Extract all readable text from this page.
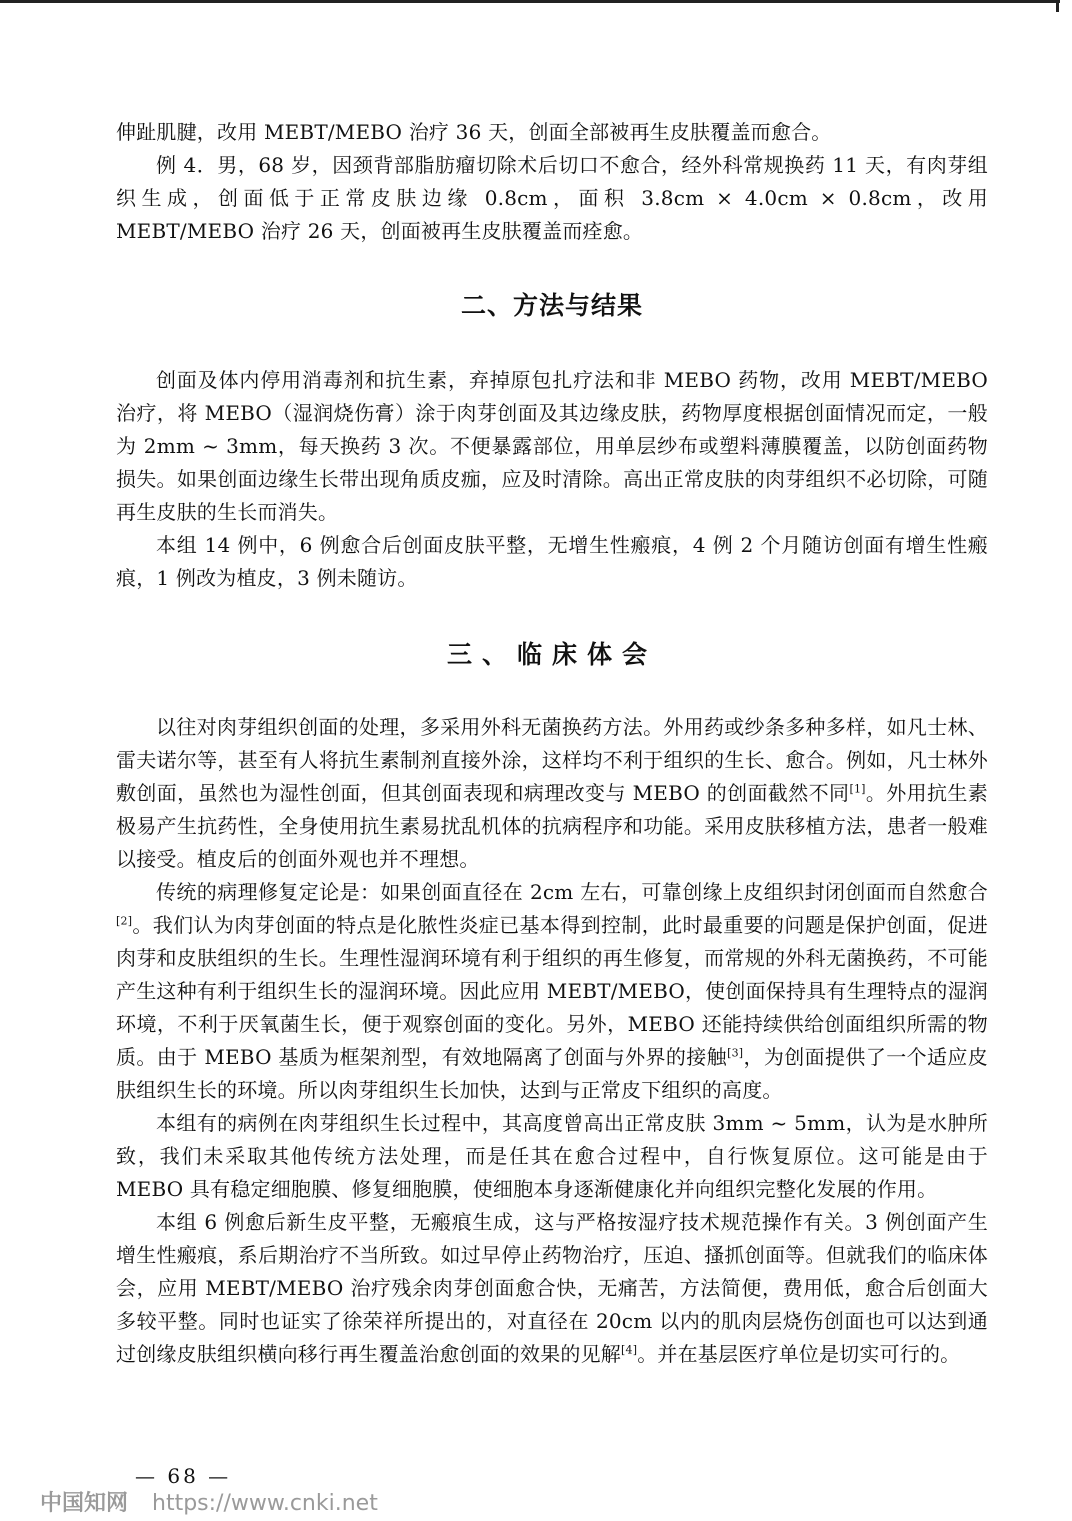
伸趾肌腱，改用 MEBT/MEBO 治疗 36 天，创面全部被再生皮肤覆盖而愈合。

例 4．男，68 岁，因颈背部脂肪瘤切除术后切口不愈合，经外科常规换药 11 天，有肉芽组织生成，创面低于正常皮肤边缘 0.8cm，面积 3.8cm × 4.0cm × 0.8cm，改用 MEBT/MEBO 治疗 26 天，创面被再生皮肤覆盖而痊愈。

二、方法与结果

创面及体内停用消毒剂和抗生素，弃掉原包扎疗法和非 MEBO 药物，改用 MEBT/MEBO 治疗，将 MEBO（湿润烧伤膏）涂于肉芽创面及其边缘皮肤，药物厚度根据创面情况而定，一般为 2mm ~ 3mm，每天换药 3 次。不便暴露部位，用单层纱布或塑料薄膜覆盖，以防创面药物损失。如果创面边缘生长带出现角质皮痂，应及时清除。高出正常皮肤的肉芽组织不必切除，可随再生皮肤的生长而消失。

本组 14 例中，6 例愈合后创面皮肤平整，无增生性瘢痕，4 例 2 个月随访创面有增生性瘢痕，1 例改为植皮，3 例未随访。

三、临床体会

以往对肉芽组织创面的处理，多采用外科无菌换药方法。外用药或纱条多种多样，如凡士林、雷夫诺尔等，甚至有人将抗生素制剂直接外涂，这样均不利于组织的生长、愈合。例如，凡士林外敷创面，虽然也为湿性创面，但其创面表现和病理改变与 MEBO 的创面截然不同[1]。外用抗生素极易产生抗药性，全身使用抗生素易扰乱机体的抗病程序和功能。采用皮肤移植方法，患者一般难以接受。植皮后的创面外观也并不理想。

传统的病理修复定论是：如果创面直径在 2cm 左右，可靠创缘上皮组织封闭创面而自然愈合[2]。我们认为肉芽创面的特点是化脓性炎症已基本得到控制，此时最重要的问题是保护创面，促进肉芽和皮肤组织的生长。生理性湿润环境有利于组织的再生修复，而常规的外科无菌换药，不可能产生这种有利于组织生长的湿润环境。因此应用 MEBT/MEBO，使创面保持具有生理特点的湿润环境，不利于厌氧菌生长，便于观察创面的变化。另外，MEBO 还能持续供给创面组织所需的物质。由于 MEBO 基质为框架剂型，有效地隔离了创面与外界的接触[3]，为创面提供了一个适应皮肤组织生长的环境。所以肉芽组织生长加快，达到与正常皮下组织的高度。

本组有的病例在肉芽组织生长过程中，其高度曾高出正常皮肤 3mm ~ 5mm，认为是水肿所致，我们未采取其他传统方法处理，而是任其在愈合过程中，自行恢复原位。这可能是由于 MEBO 具有稳定细胞膜、修复细胞膜，使细胞本身逐渐健康化并向组织完整化发展的作用。

本组 6 例愈后新生皮平整，无瘢痕生成，这与严格按湿疗技术规范操作有关。3 例创面产生增生性瘢痕，系后期治疗不当所致。如过早停止药物治疗，压迫、搔抓创面等。但就我们的临床体会，应用 MEBT/MEBO 治疗残余肉芽创面愈合快，无痛苦，方法简便，费用低，愈合后创面大多较平整。同时也证实了徐荣祥所提出的，对直径在 20cm 以内的肌肉层烧伤创面也可以达到通过创缘皮肤组织横向移行再生覆盖治愈创面的效果的见解[4]。并在基层医疗单位是切实可行的。

— 68 —
中国知网 https://www.cnki.net
